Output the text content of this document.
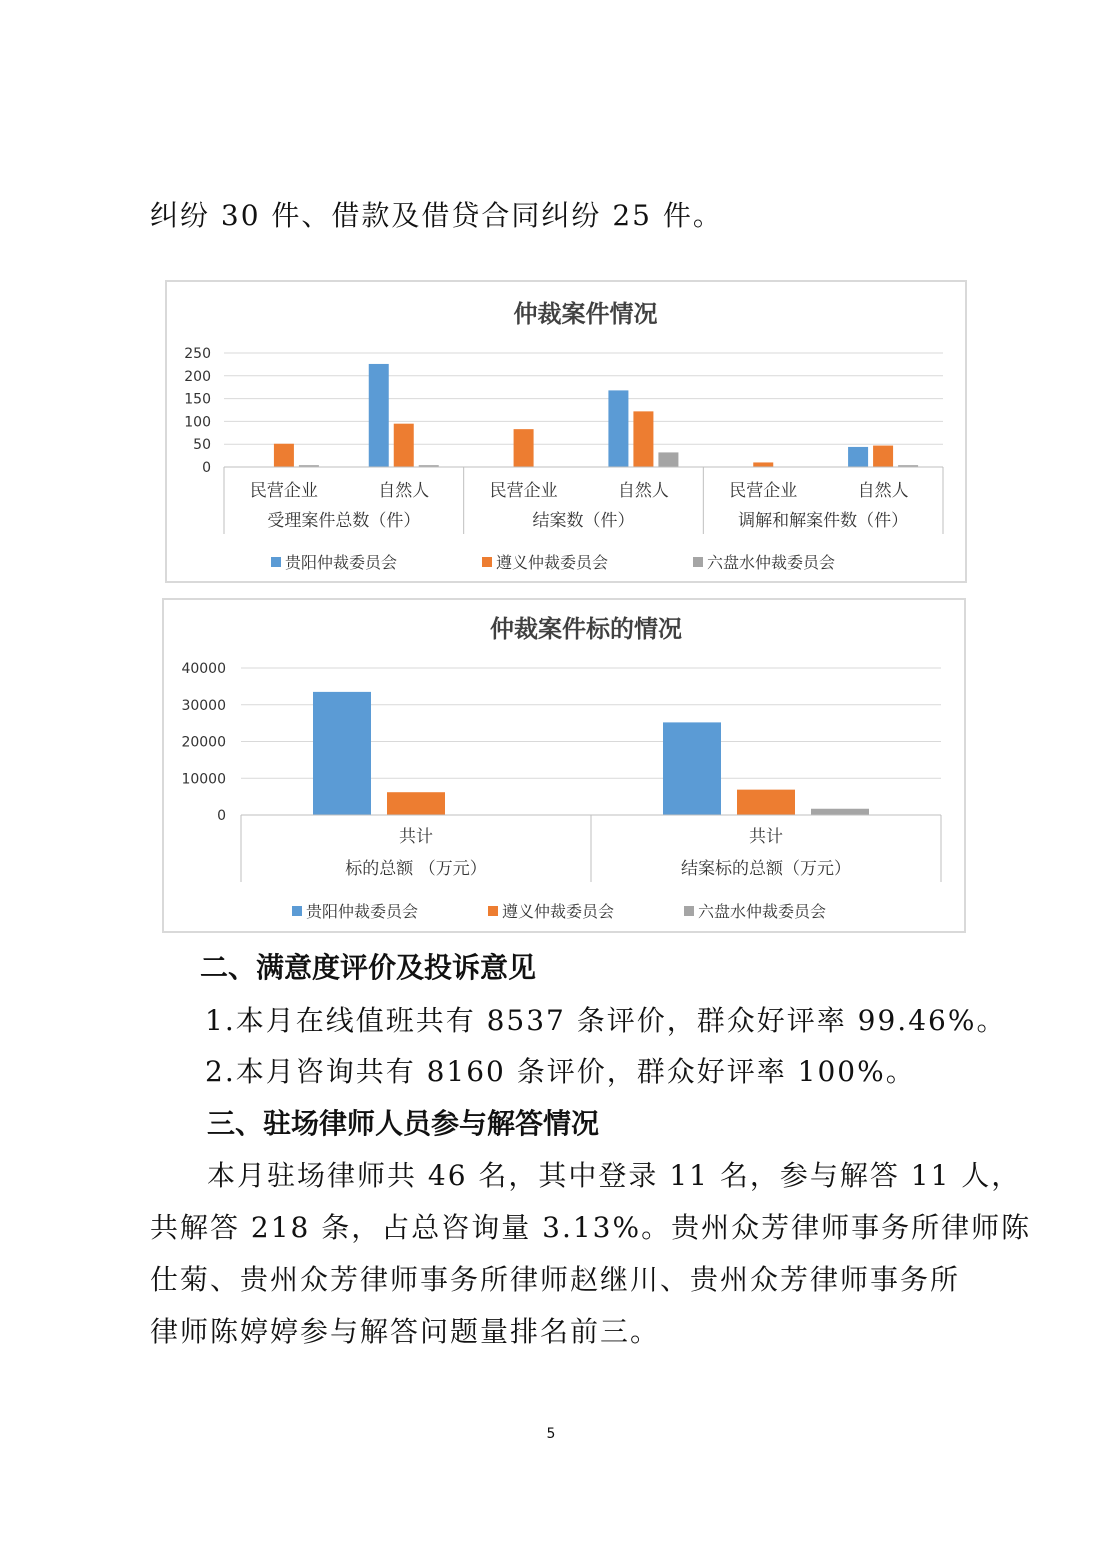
纠纷 30 件、借款及借贷合同纠纷 25 件。
仲裁案件情况
0
50
100
150
200
250
民营企业	自然人	民营企业	自然人	民营企业	自然人
受理案件总数（件）	结案数（件）	调解和解案件数（件）
贵阳仲裁委员会	遵义仲裁委员会	六盘水仲裁委员会
仲裁案件标的情况
0
10000
20000
30000
40000
共计	共计
标的总额 （万元）	结案标的总额（万元）
贵阳仲裁委员会	遵义仲裁委员会	六盘水仲裁委员会
二、满意度评价及投诉意见
1.本月在线值班共有 8537 条评价，群众好评率 99.46%。
2.本月咨询共有 8160 条评价，群众好评率 100%。
三、驻场律师人员参与解答情况
本月驻场律师共 46 名，其中登录 11 名，参与解答 11 人，
共解答 218 条，占总咨询量 3.13%。贵州众芳律师事务所律师陈
仕菊、贵州众芳律师事务所律师赵继川、贵州众芳律师事务所
律师陈婷婷参与解答问题量排名前三。
5
